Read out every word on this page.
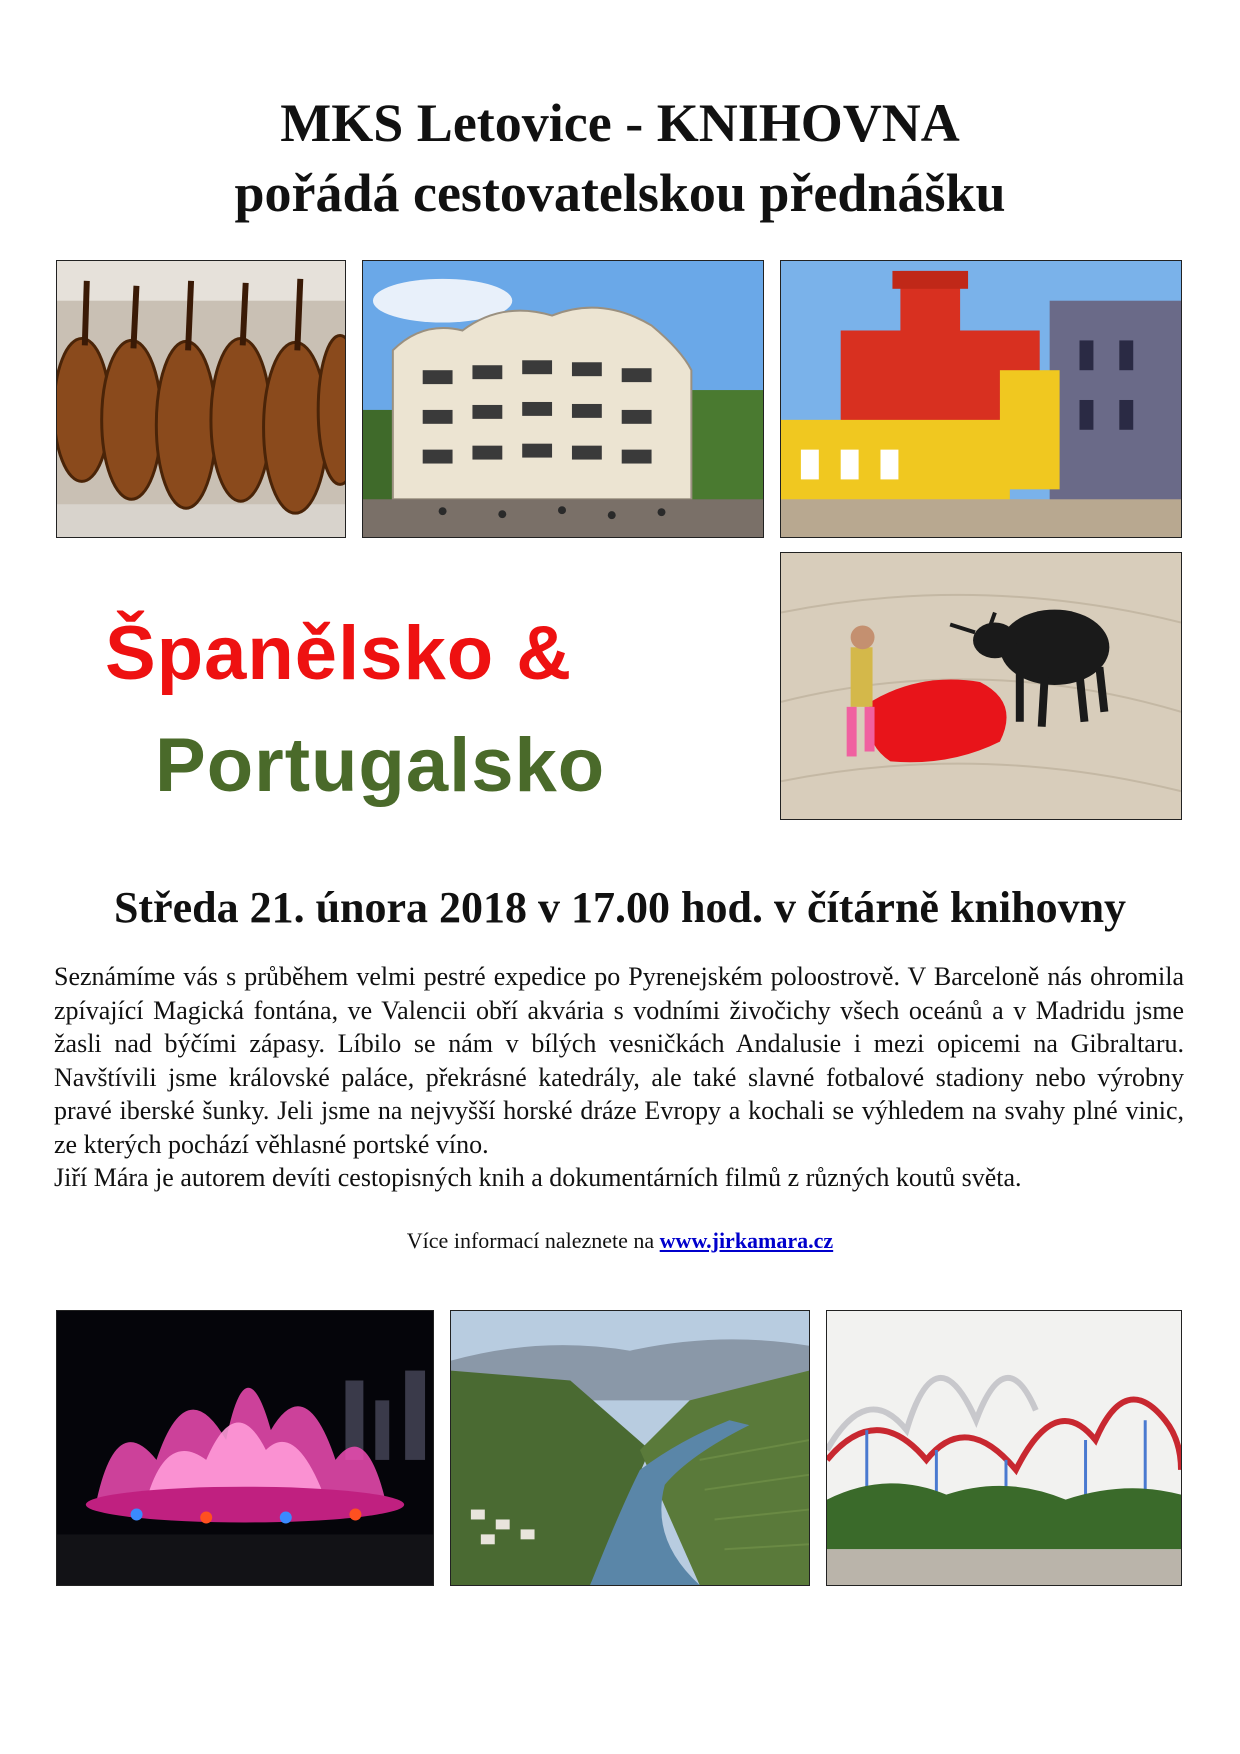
MKS Letovice - KNIHOVNA
pořádá cestovatelskou přednášku
Španělsko &
Portugalsko
Středa 21. února 2018 v 17.00 hod. v čítárně knihovny

Seznámíme vás s průběhem velmi pestré expedice po Pyrenejském poloostrově. V Barceloně nás ohromila zpívající Magická fontána, ve Valencii obří akvária s vodními živočichy všech oceánů a v Madridu jsme žasli nad býčími zápasy. Líbilo se nám v bílých vesničkách Andalusie i mezi opicemi na Gibraltaru. Navštívili jsme královské paláce, překrásné katedrály, ale také slavné fotbalové stadiony nebo výrobny pravé iberské šunky. Jeli jsme na nejvyšší horské dráze Evropy a kochali se výhledem na svahy plné vinic, ze kterých pochází věhlasné portské víno.

Jiří Mára je autorem devíti cestopisných knih a dokumentárních filmů z různých koutů světa.

Více informací naleznete na www.jirkamara.cz
